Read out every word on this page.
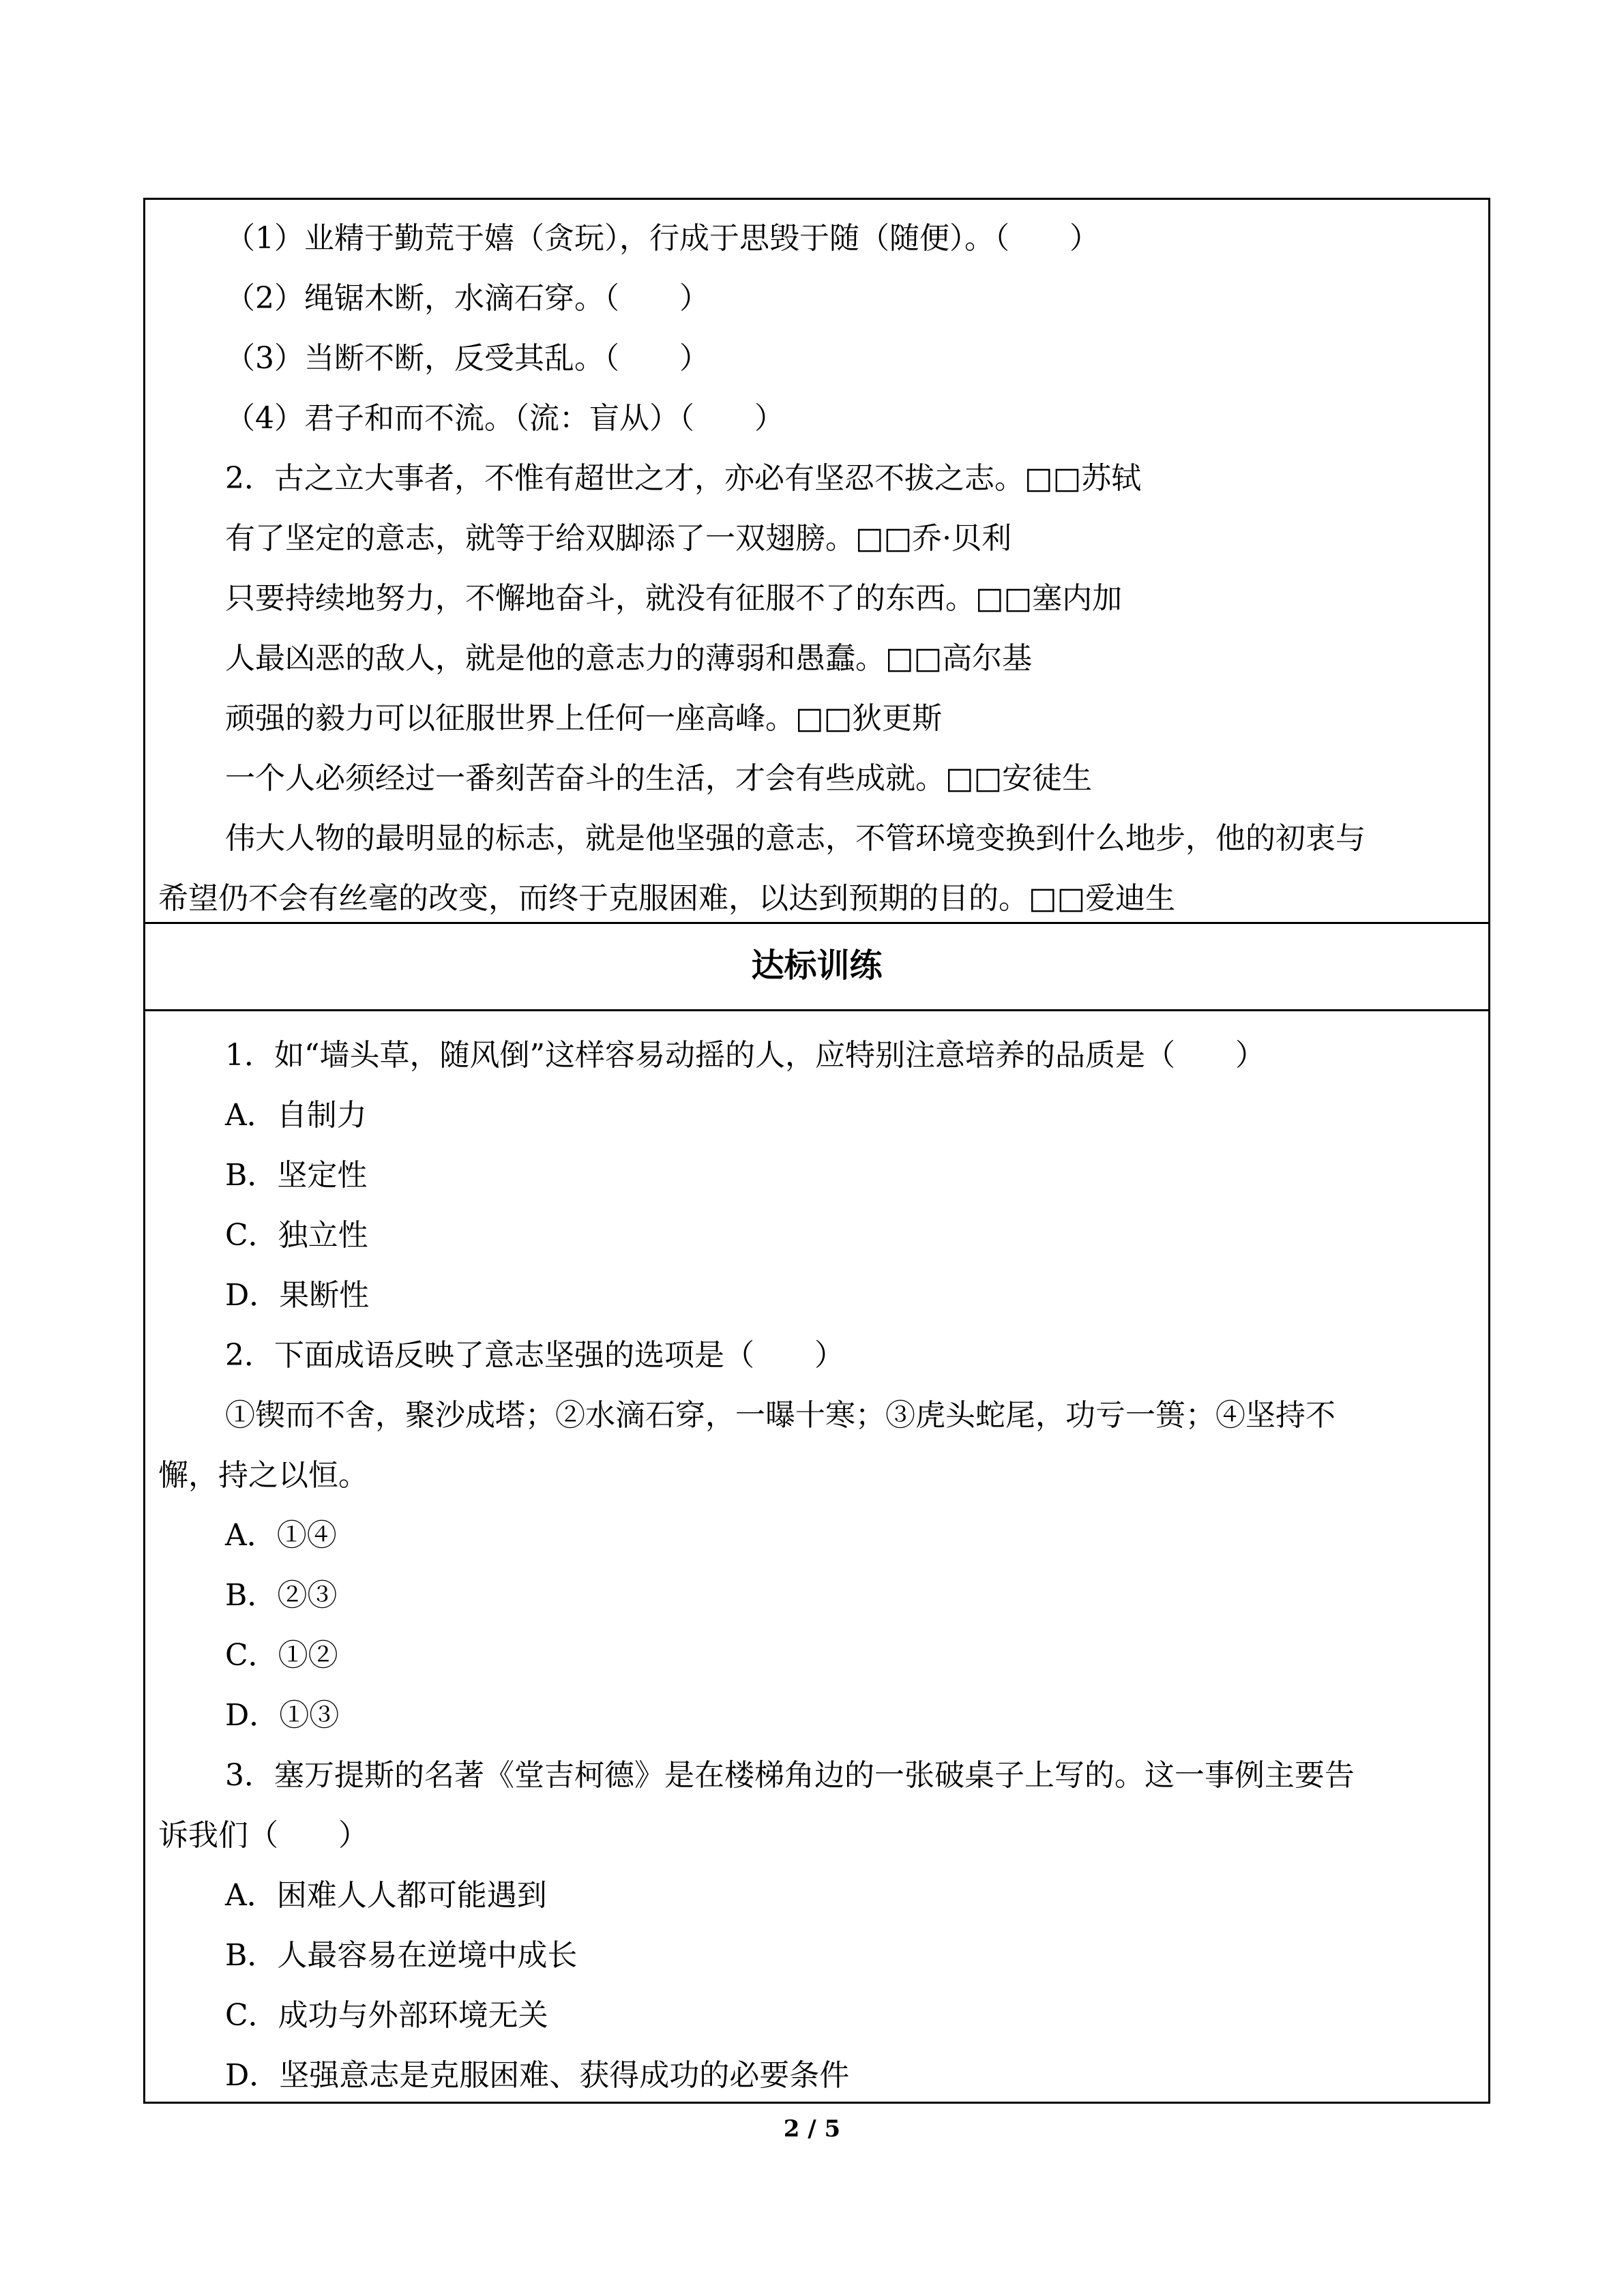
（1）业精于勤荒于嬉（贪玩），行成于思毁于随（随便）。（　　）
（2）绳锯木断，水滴石穿。（　　）
（3）当断不断，反受其乱。（　　）
（4）君子和而不流。（流：盲从）（　　）
2．古之立大事者，不惟有超世之才，亦必有坚忍不拔之志。□□苏轼
有了坚定的意志，就等于给双脚添了一双翅膀。□□乔·贝利
只要持续地努力，不懈地奋斗，就没有征服不了的东西。□□塞内加
人最凶恶的敌人，就是他的意志力的薄弱和愚蠢。□□高尔基
顽强的毅力可以征服世界上任何一座高峰。□□狄更斯
一个人必须经过一番刻苦奋斗的生活，才会有些成就。□□安徒生
伟大人物的最明显的标志，就是他坚强的意志，不管环境变换到什么地步，他的初衷与
希望仍不会有丝毫的改变，而终于克服困难，以达到预期的目的。□□爱迪生
达标训练
1．如“墙头草，随风倒”这样容易动摇的人，应特别注意培养的品质是（　　）
A．自制力
B．坚定性
C．独立性
D．果断性
2．下面成语反映了意志坚强的选项是（　　）
①锲而不舍，聚沙成塔；②水滴石穿，一曝十寒；③虎头蛇尾，功亏一篑；④坚持不
懈，持之以恒。
A．①④
B．②③
C．①②
D．①③
3．塞万提斯的名著《堂吉柯德》是在楼梯角边的一张破桌子上写的。这一事例主要告
诉我们（　　）
A．困难人人都可能遇到
B．人最容易在逆境中成长
C．成功与外部环境无关
D．坚强意志是克服困难、获得成功的必要条件
2 / 5
